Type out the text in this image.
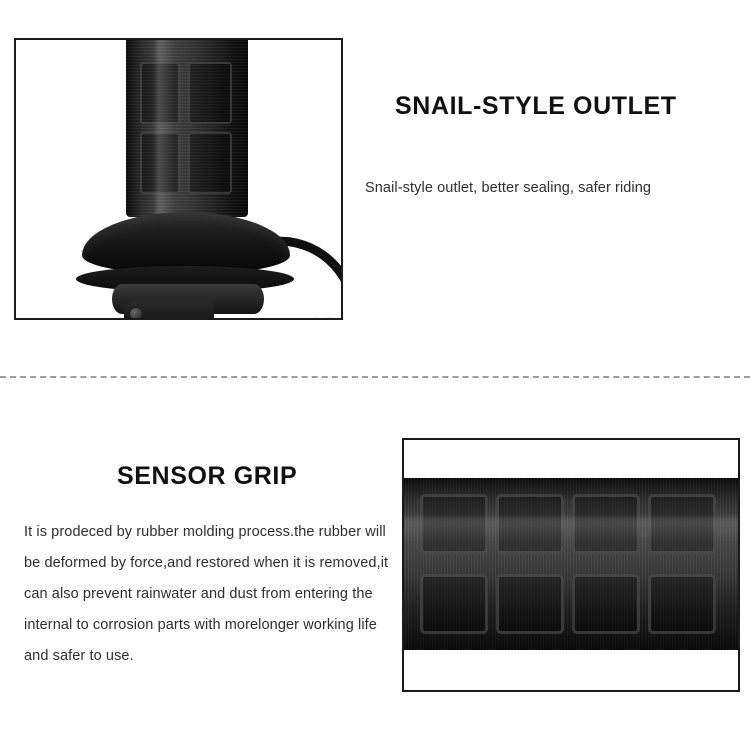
SNAIL-STYLE OUTLET

Snail-style outlet, better sealing, safer riding

SENSOR GRIP

It is prodeced by rubber molding process.the rubber will be deformed by force,and restored when it is removed,it can also prevent rainwater and dust from entering the internal to corrosion parts with morelonger working life and safer to use.
